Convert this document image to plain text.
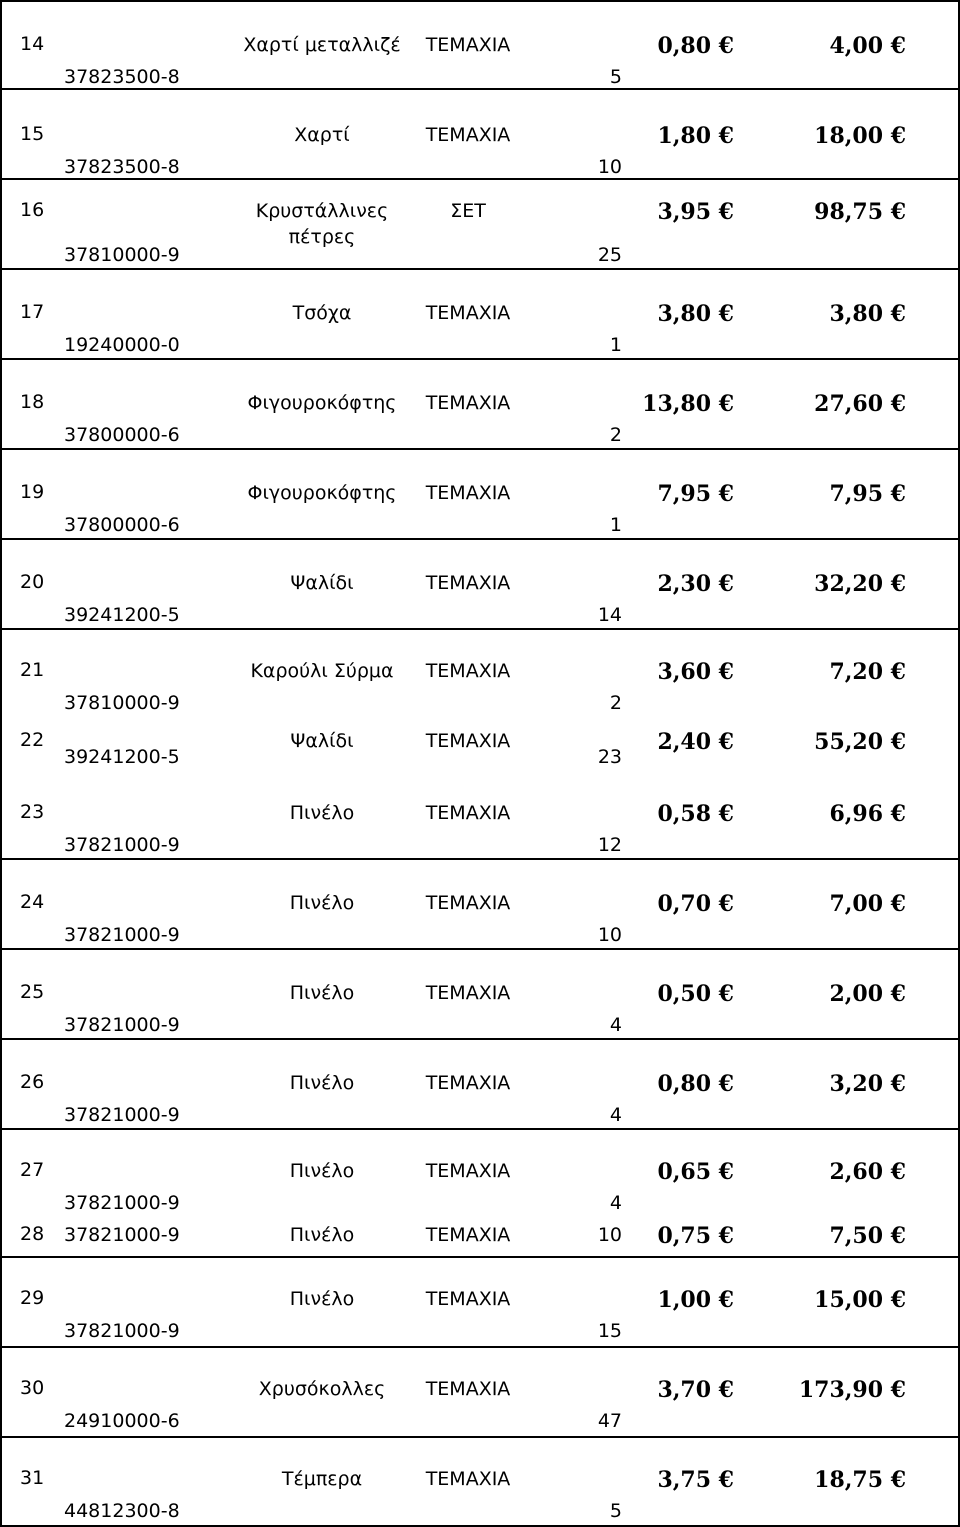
14
37823500-8
Χαρτί μεταλλιζέ ΤΕΜΑΧΙΑ
5
0,80 €	4,00 €
15
37823500-8
Χαρτί	ΤΕΜΑΧΙΑ
10
1,80 €	18,00 €
16
37810000-9
Κρυστάλλινες
πέτρες
ΣΕΤ
25
3,95 €	98,75 €
17
19240000-0
Τσόχα	ΤΕΜΑΧΙΑ
1
3,80 €	3,80 €
18
37800000-6
Φιγουροκόφτης ΤΕΜΑΧΙΑ
2
13,80 €	27,60 €
19
37800000-6
Φιγουροκόφτης ΤΕΜΑΧΙΑ
1
7,95 €	7,95 €
20
39241200-5
Ψαλίδι	ΤΕΜΑΧΙΑ
14
2,30 €	32,20 €
21
37810000-9
Καρούλι Σύρμα ΤΕΜΑΧΙΑ
2
3,60 €	7,20 €
22
39241200-5
Ψαλίδι	ΤΕΜΑΧΙΑ
23
2,40 €	55,20 €
23
37821000-9
Πινέλο	ΤΕΜΑΧΙΑ
12
0,58 €	6,96 €
24
37821000-9
Πινέλο	ΤΕΜΑΧΙΑ
10
0,70 €	7,00 €
25
37821000-9
Πινέλο	ΤΕΜΑΧΙΑ
4
0,50 €	2,00 €
26
37821000-9
Πινέλο	ΤΕΜΑΧΙΑ
4
0,80 €	3,20 €
27
37821000-9
Πινέλο	ΤΕΜΑΧΙΑ
4
0,65 €	2,60 €
28 37821000-9	Πινέλο	ΤΕΜΑΧΙΑ	10 0,75 €	7,50 €
29
37821000-9
Πινέλο	ΤΕΜΑΧΙΑ
15
1,00 €	15,00 €
30
24910000-6
Χρυσόκολλες ΤΕΜΑΧΙΑ
47
3,70 €	173,90 €
31
44812300-8
Τέμπερα	ΤΕΜΑΧΙΑ
5
3,75 €	18,75 €
